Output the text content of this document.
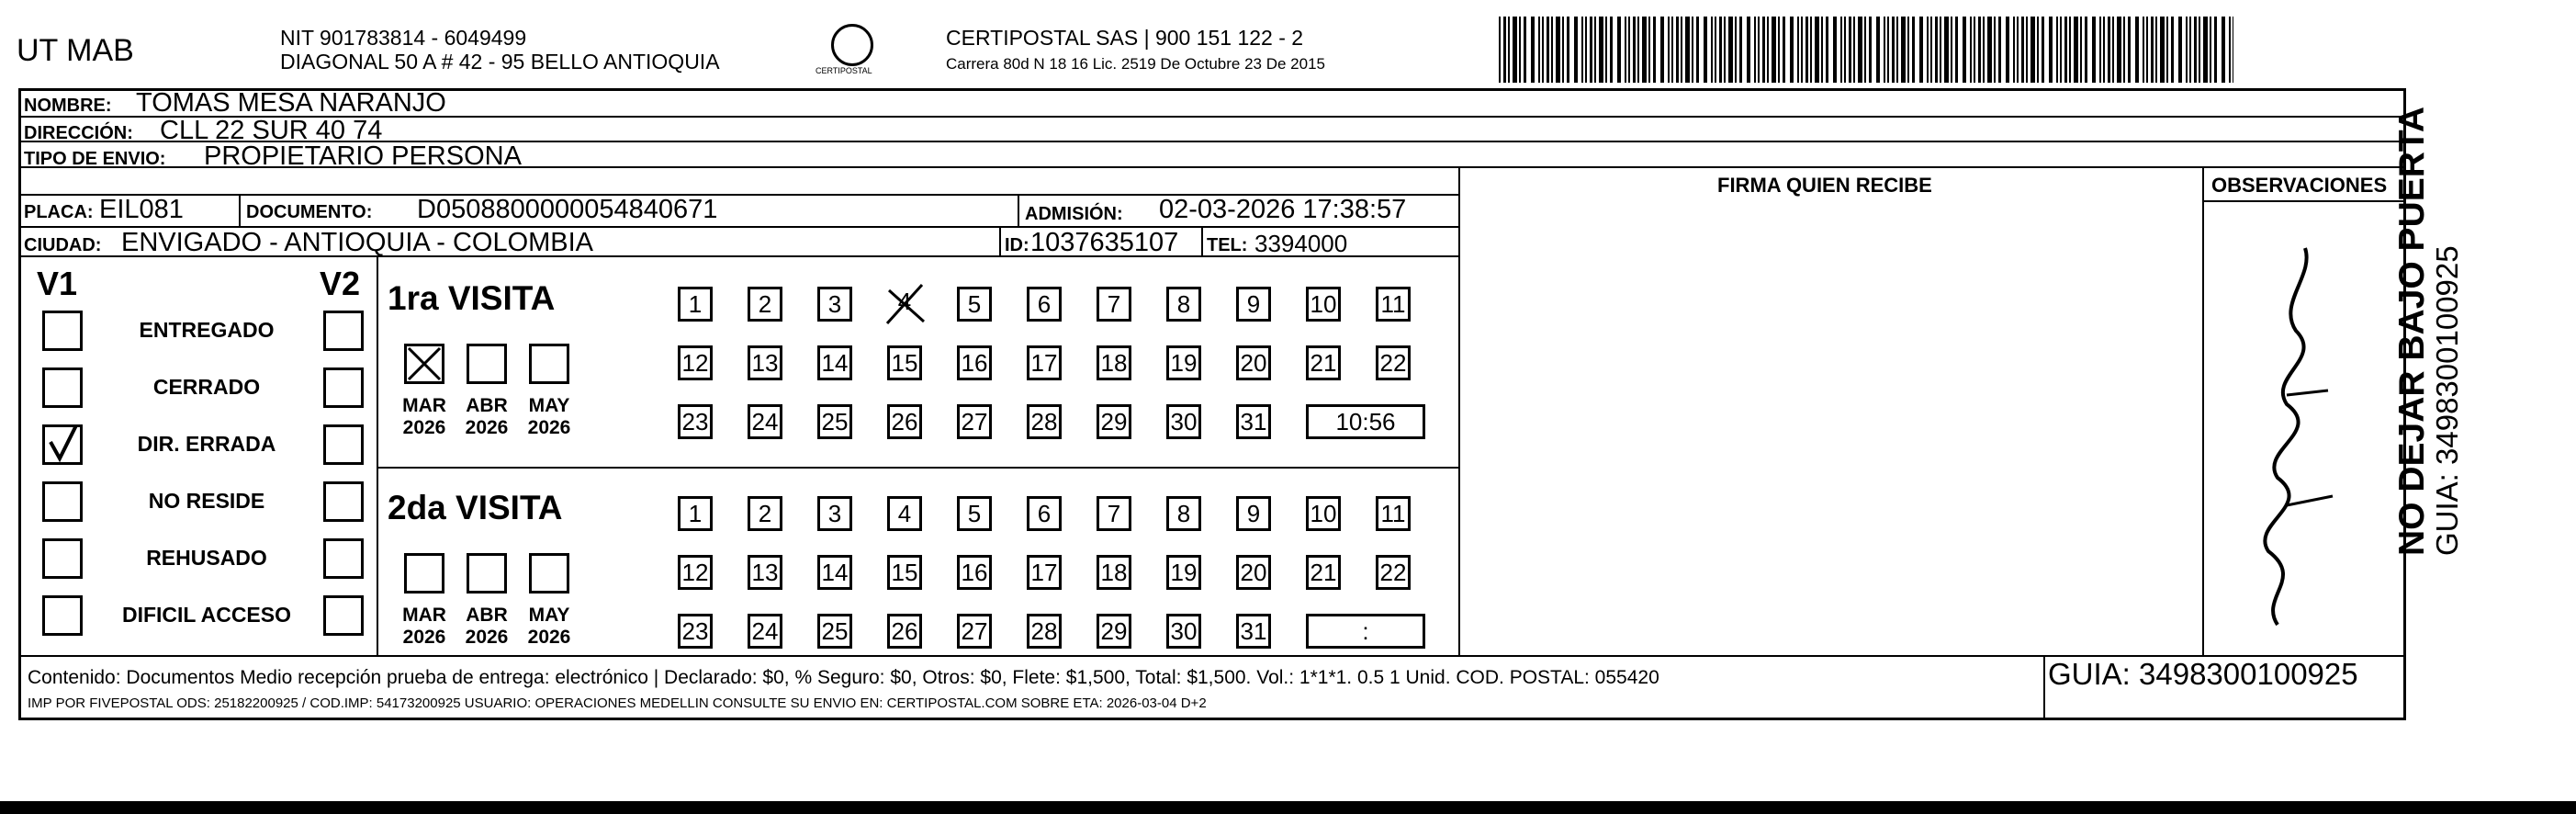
UT MAB	NIT 901783814 - 6049499
DIAGONAL 50 A # 42 - 95 BELLO ANTIOQUIA	CERTIPOSTAL
CERTIPOSTAL SAS | 900 151 122 - 2
Carrera 80d N 18 16 Lic. 2519 De Octubre 23 De 2015
NOMBRE: TOMAS MESA NARANJO
DIRECCIÓN: CLL 22 SUR 40 74
TIPO DE ENVIO: PROPIETARIO PERSONA
FIRMA QUIEN RECIBE	OBSERVACIONES
PLACA: EIL081	DOCUMENTO: D0508800000054840671	ADMISIÓN: 02-03-2026 17:38:57
CIUDAD: ENVIGADO - ANTIOQUIA - COLOMBIA	ID: 1037635107 TEL: 3394000
V1	V2
ENTREGADO
CERRADO
DIR. ERRADA
NO RESIDE
REHUSADO
DIFICIL ACCESO
1ra VISITA
MAR
2026
ABR
2026
MAY
2026
1	2	3	4	5	6	7	8	9	10 11
12 13 14 15 16 17 18 19 20 21 22
23 24 25 26 27 28 29 30 31	10:56
2da VISITA
MAR
2026
ABR
2026
MAY
2026
1	2	3	4	5	6	7	8	9	10 11
12 13 14 15 16 17 18 19 20 21 22
23 24 25 26 27 28 29 30 31	:
Contenido: Documentos Medio recepción prueba de entrega: electrónico | Declarado: $0, % Seguro: $0, Otros: $0, Flete: $1,500, Total: $1,500. Vol.: 1*1*1. 0.5 1 Unid. COD. POSTAL: 055420
IMP POR FIVEPOSTAL ODS: 25182200925 / COD.IMP: 54173200925 USUARIO: OPERACIONES MEDELLIN CONSULTE SU ENVIO EN: CERTIPOSTAL.COM SOBRE ETA: 2026-03-04 D+2
GUIA: 3498300100925
NO DEJAR BAJO PUERTA
GUIA: 3498300100925
